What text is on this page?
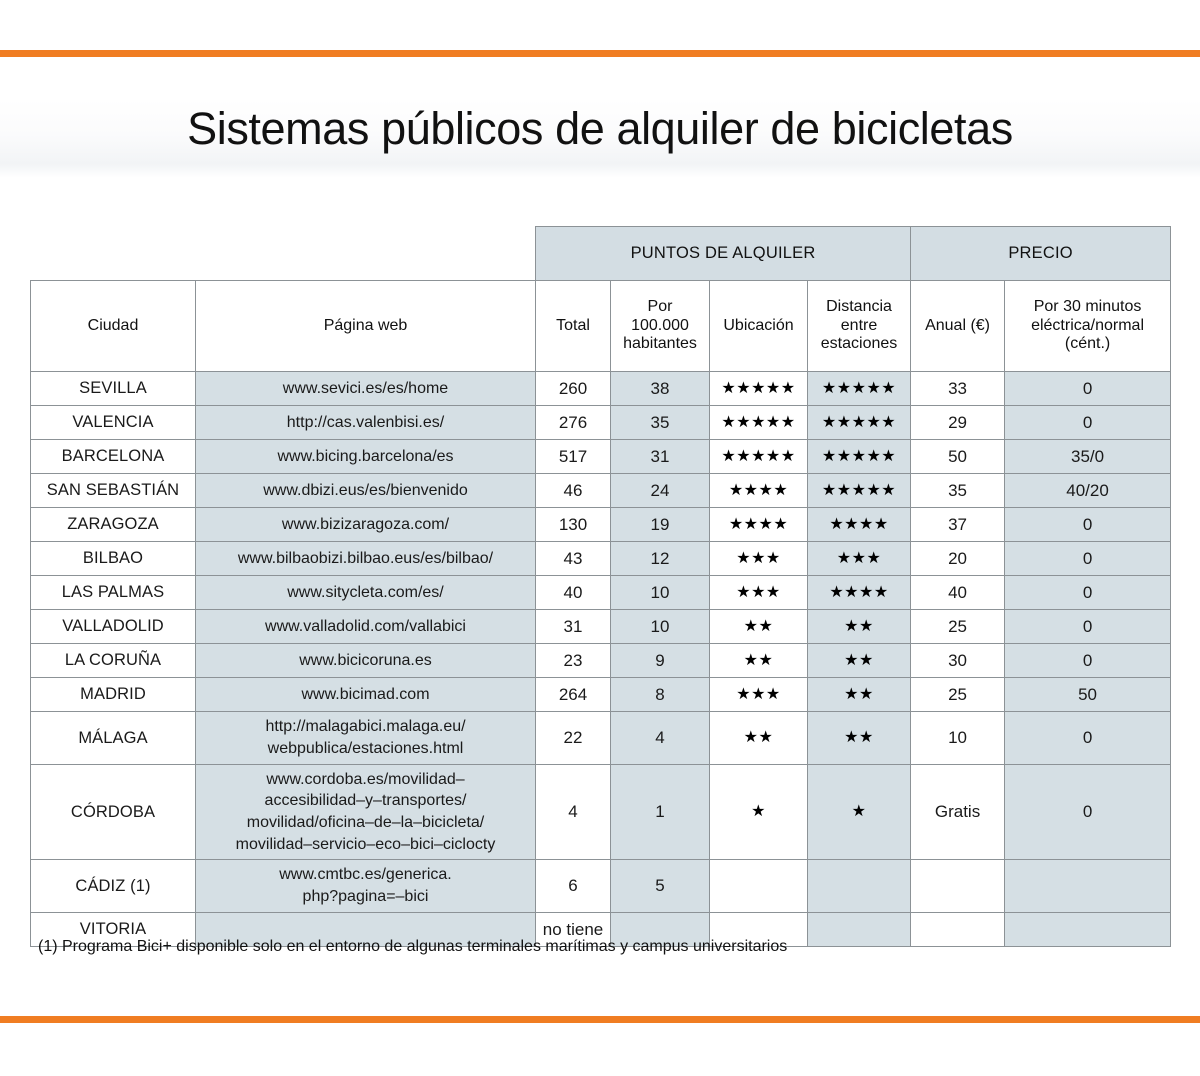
Sistemas públicos de alquiler de bicicletas
		PUNTOS DE ALQUILER				PRECIO	
Ciudad	Página web	Total	Por
100.000
habitantes	Ubicación	Distancia
entre
estaciones	Anual (€)	Por 30 minutos
eléctrica/normal
(cént.)
SEVILLA	www.sevici.es/es/home	260	38	★★★★★	★★★★★	33	0
VALENCIA	http://cas.valenbisi.es/	276	35	★★★★★	★★★★★	29	0
BARCELONA	www.bicing.barcelona/es	517	31	★★★★★	★★★★★	50	35/0
SAN SEBASTIÁN	www.dbizi.eus/es/bienvenido	46	24	★★★★	★★★★★	35	40/20
ZARAGOZA	www.bizizaragoza.com/	130	19	★★★★	★★★★	37	0
BILBAO	www.bilbaobizi.bilbao.eus/es/bilbao/	43	12	★★★	★★★	20	0
LAS PALMAS	www.sitycleta.com/es/	40	10	★★★	★★★★	40	0
VALLADOLID	www.valladolid.com/vallabici	31	10	★★	★★	25	0
LA CORUÑA	www.bicicoruna.es	23	9	★★	★★	30	0
MADRID	www.bicimad.com	264	8	★★★	★★	25	50
MÁLAGA	http://malagabici.malaga.eu/
webpublica/estaciones.html	22	4	★★	★★	10	0
CÓRDOBA	www.cordoba.es/movilidad–
accesibilidad–y–transportes/
movilidad/oficina–de–la–bicicleta/
movilidad–servicio–eco–bici–ciclocty	4	1	★	★	Gratis	0
CÁDIZ (1)	www.cmtbc.es/generica.
php?pagina=–bici	6	5				
VITORIA		no tiene					
(1) Programa Bici+ disponible solo en el entorno de algunas terminales marítimas y campus universitarios
